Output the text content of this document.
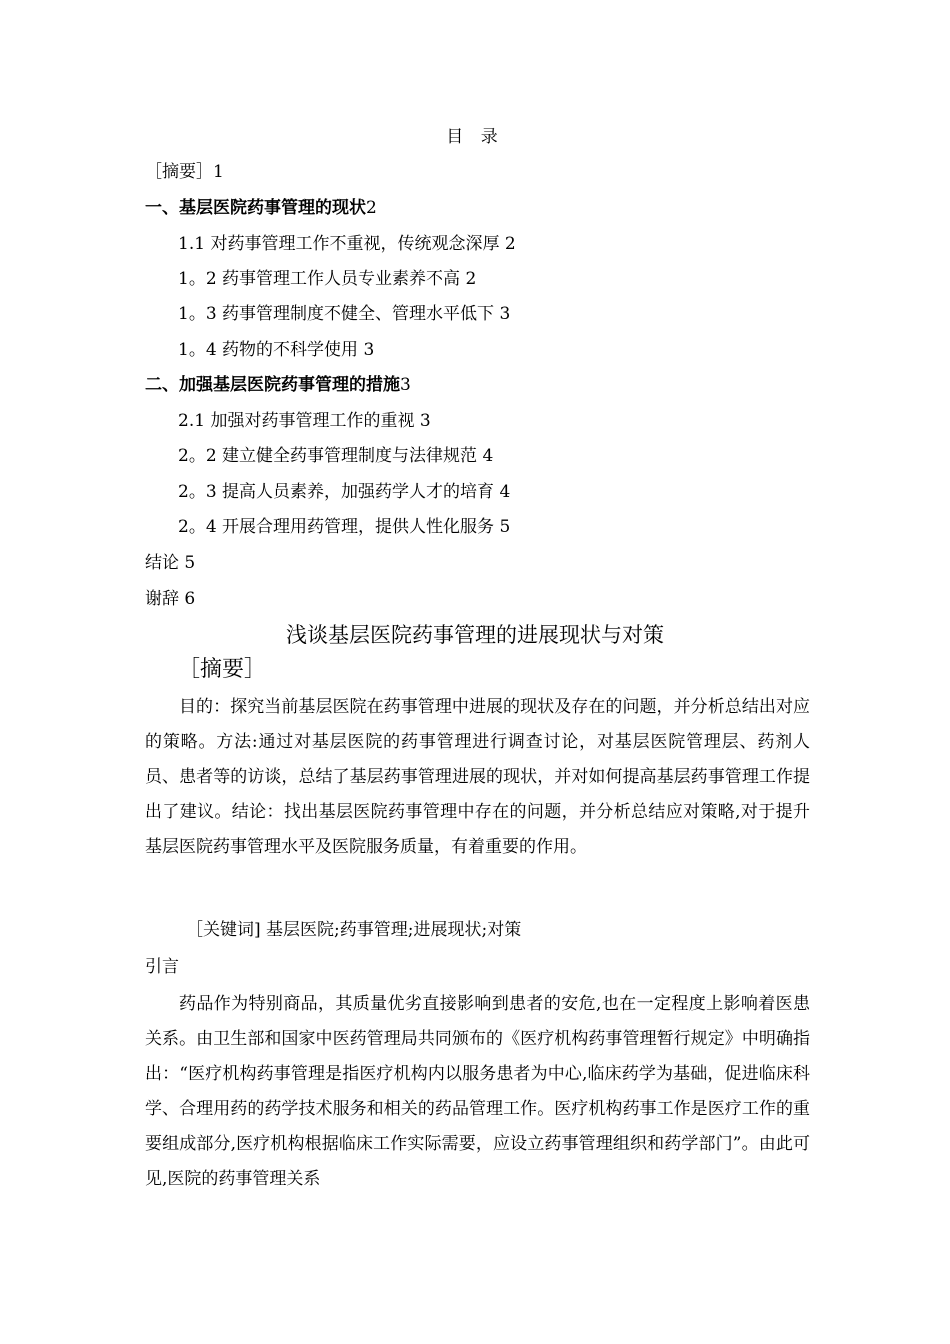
目 录
［摘要］1
一、基层医院药事管理的现状2
1.1 对药事管理工作不重视，传统观念深厚 2
1。2 药事管理工作人员专业素养不高 2
1。3 药事管理制度不健全、管理水平低下 3
1。4 药物的不科学使用 3
二、加强基层医院药事管理的措施3
2.1 加强对药事管理工作的重视 3
2。2 建立健全药事管理制度与法律规范 4
2。3 提高人员素养，加强药学人才的培育 4
2。4 开展合理用药管理，提供人性化服务 5
结论 5
谢辞 6
浅谈基层医院药事管理的进展现状与对策
［摘要］
目的：探究当前基层医院在药事管理中进展的现状及存在的问题，并分析总结出对应的策略。方法:通过对基层医院的药事管理进行调查讨论，对基层医院管理层、药剂人员、患者等的访谈，总结了基层药事管理进展的现状，并对如何提高基层药事管理工作提出了建议。结论：找出基层医院药事管理中存在的问题，并分析总结应对策略,对于提升基层医院药事管理水平及医院服务质量，有着重要的作用。
［关键词] 基层医院;药事管理;进展现状;对策
引言
药品作为特别商品，其质量优劣直接影响到患者的安危,也在一定程度上影响着医患关系。由卫生部和国家中医药管理局共同颁布的《医疗机构药事管理暂行规定》中明确指出：“医疗机构药事管理是指医疗机构内以服务患者为中心,临床药学为基础，促进临床科学、合理用药的药学技术服务和相关的药品管理工作。医疗机构药事工作是医疗工作的重要组成部分,医疗机构根据临床工作实际需要，应设立药事管理组织和药学部门”。由此可见,医院的药事管理关系
